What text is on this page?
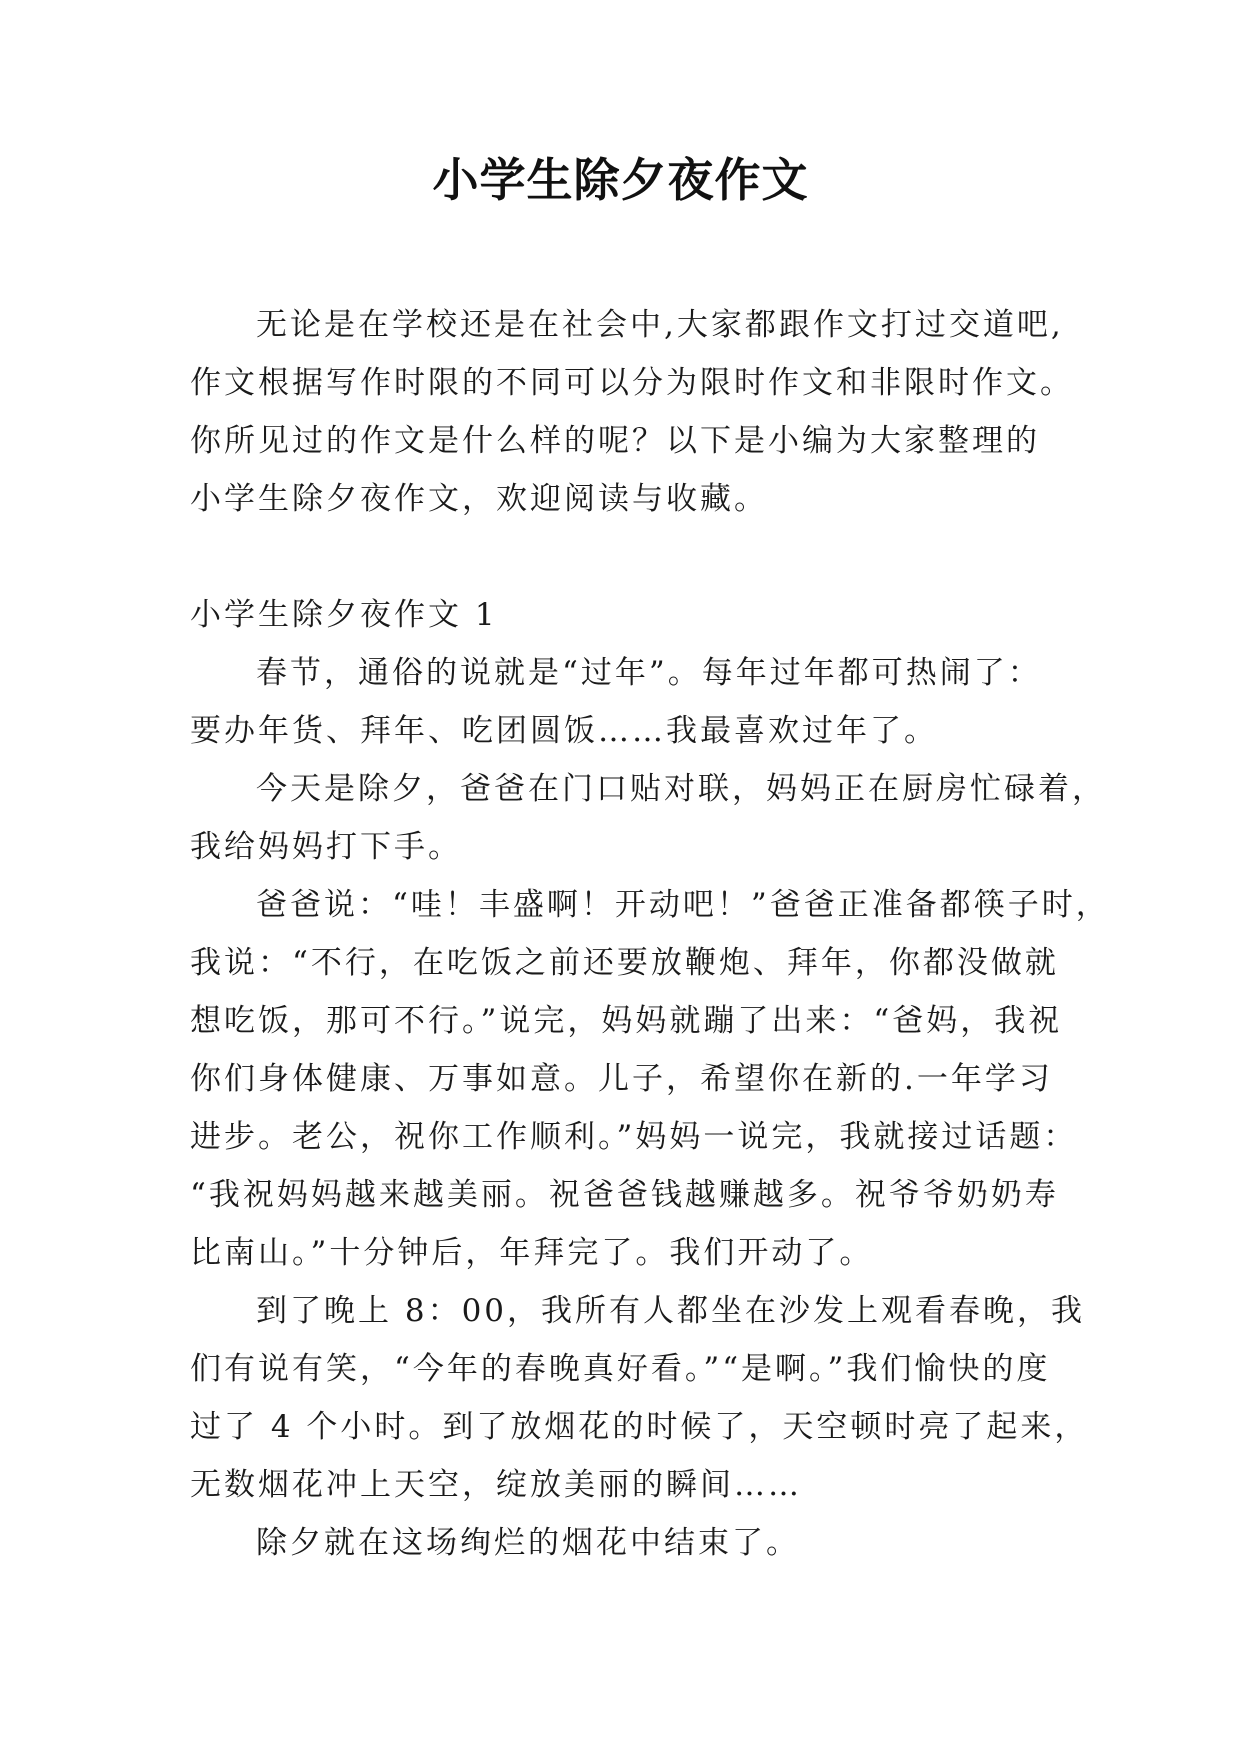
小学生除夕夜作文
无论是在学校还是在社会中,大家都跟作文打过交道吧,
作文根据写作时限的不同可以分为限时作文和非限时作文。
你所见过的作文是什么样的呢？以下是小编为大家整理的
小学生除夕夜作文，欢迎阅读与收藏。
小学生除夕夜作文 1
春节，通俗的说就是“过年”。每年过年都可热闹了：
要办年货、拜年、吃团圆饭……我最喜欢过年了。
今天是除夕，爸爸在门口贴对联，妈妈正在厨房忙碌着，
我给妈妈打下手。
爸爸说：“哇！丰盛啊！开动吧！”爸爸正准备都筷子时，
我说：“不行，在吃饭之前还要放鞭炮、拜年，你都没做就
想吃饭，那可不行。”说完，妈妈就蹦了出来：“爸妈，我祝
你们身体健康、万事如意。儿子，希望你在新的.一年学习
进步。老公，祝你工作顺利。”妈妈一说完，我就接过话题：
“我祝妈妈越来越美丽。祝爸爸钱越赚越多。祝爷爷奶奶寿
比南山。”十分钟后，年拜完了。我们开动了。
到了晚上 8：00，我所有人都坐在沙发上观看春晚，我
们有说有笑，“今年的春晚真好看。”“是啊。”我们愉快的度
过了 4 个小时。到了放烟花的时候了，天空顿时亮了起来，
无数烟花冲上天空，绽放美丽的瞬间……
除夕就在这场绚烂的烟花中结束了。
